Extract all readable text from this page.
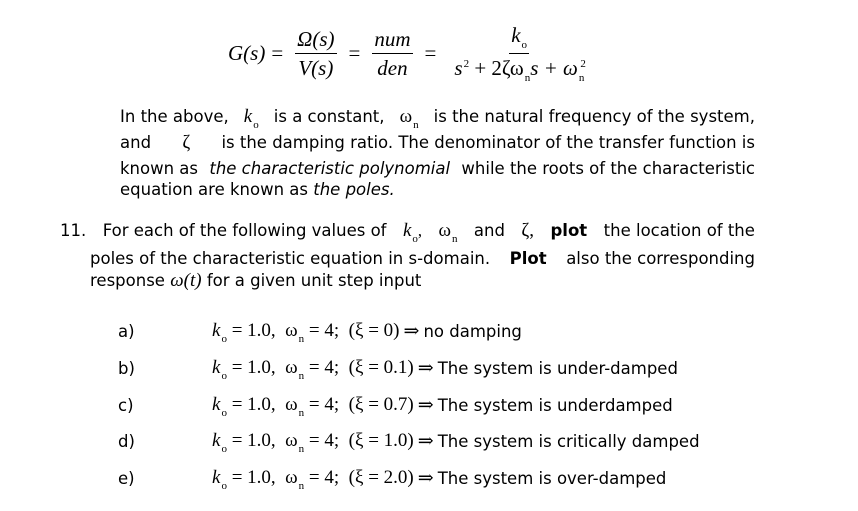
$G(s) = \frac{\Omega(s)}{V(s)} = \frac{\text{num}}{\text{den}} = \frac{k_o}{s^2 + 2\zeta\omega_ns + \omega_n^2}$
In the above, $k_o$ is a constant, $\omega_n$ is the natural frequency of the system,
and ζ is the damping ratio. The denominator of the transfer function is
known as the characteristic polynomial while the roots of the characteristic
equation are known as
the poles.
11. For each of the following values of $k_o$, $\omega_n$ and ζ, plot the location of the
poles of the characteristic equation in s-domain. Plot also the corresponding
response
ω(t)
for a given unit step input
a)	$k_o = 1.0$, $\omega_n = 4$; (ξ = 0) ⇒ no damping
b)	$k_o = 1.0$, $\omega_n = 4$; (ξ = 0.1) ⇒ The system is under-damped
c)	$k_o = 1.0$, $\omega_n = 4$; (ξ = 0.7) ⇒ The system is underdamped
d)	$k_o = 1.0$, $\omega_n = 4$; (ξ = 1.0) ⇒ The system is critically damped
e)	$k_o = 1.0$, $\omega_n = 4$; (ξ = 2.0) ⇒ The system is over-damped
